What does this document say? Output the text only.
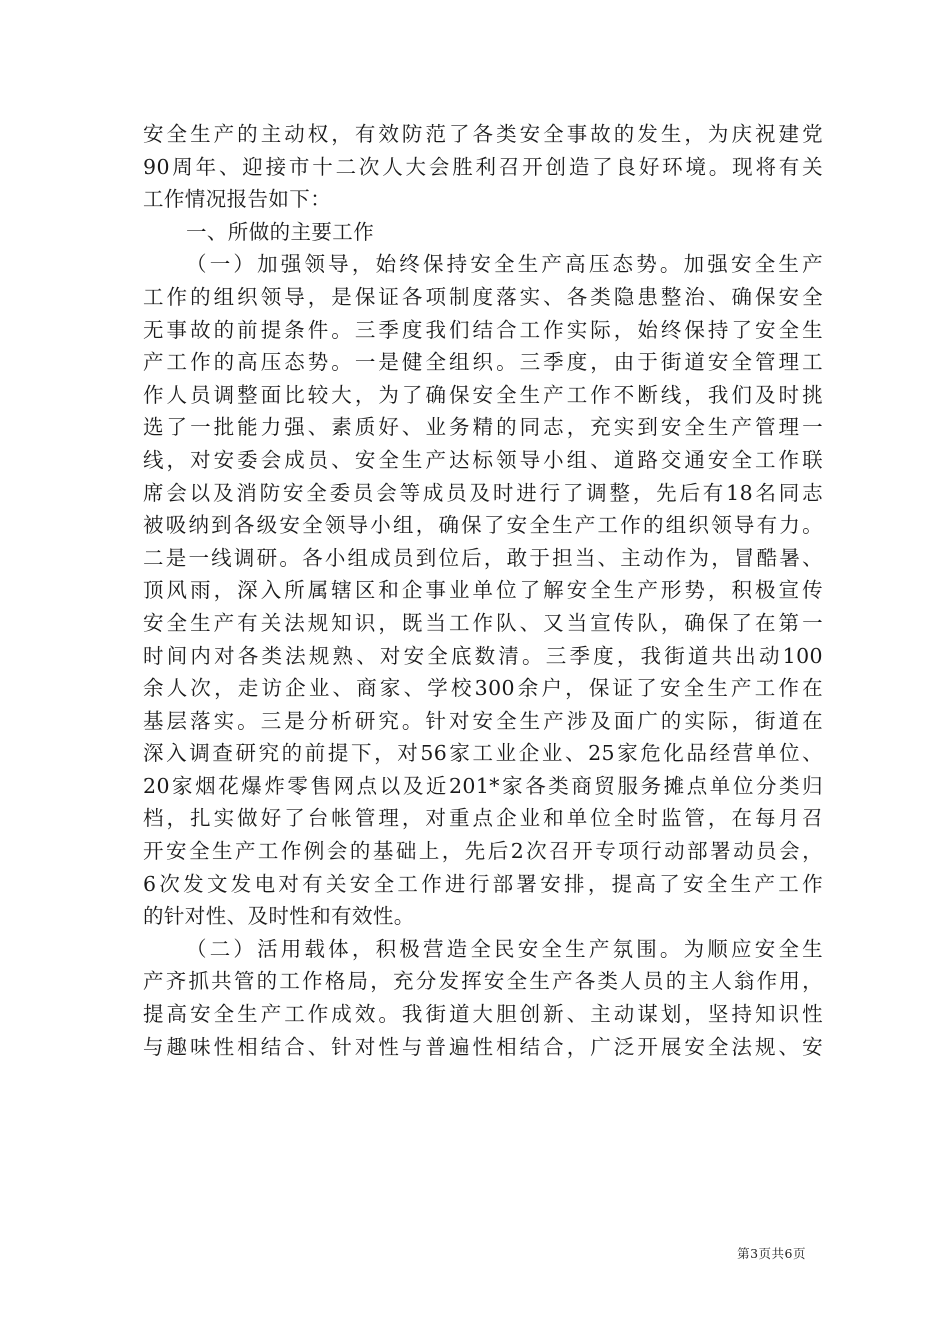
安全生产的主动权，有效防范了各类安全事故的发生，为庆祝建党
90周年、迎接市十二次人大会胜利召开创造了良好环境。现将有关
工作情况报告如下：
一、所做的主要工作
（一）加强领导，始终保持安全生产高压态势。加强安全生产
工作的组织领导，是保证各项制度落实、各类隐患整治、确保安全
无事故的前提条件。三季度我们结合工作实际，始终保持了安全生
产工作的高压态势。一是健全组织。三季度，由于街道安全管理工
作人员调整面比较大，为了确保安全生产工作不断线，我们及时挑
选了一批能力强、素质好、业务精的同志，充实到安全生产管理一
线，对安委会成员、安全生产达标领导小组、道路交通安全工作联
席会以及消防安全委员会等成员及时进行了调整，先后有18名同志
被吸纳到各级安全领导小组，确保了安全生产工作的组织领导有力。
二是一线调研。各小组成员到位后，敢于担当、主动作为，冒酷暑、
顶风雨，深入所属辖区和企事业单位了解安全生产形势，积极宣传
安全生产有关法规知识，既当工作队、又当宣传队，确保了在第一
时间内对各类法规熟、对安全底数清。三季度，我街道共出动100
余人次，走访企业、商家、学校300余户，保证了安全生产工作在
基层落实。三是分析研究。针对安全生产涉及面广的实际，街道在
深入调查研究的前提下，对56家工业企业、25家危化品经营单位、
20家烟花爆炸零售网点以及近201*家各类商贸服务摊点单位分类归
档，扎实做好了台帐管理，对重点企业和单位全时监管，在每月召
开安全生产工作例会的基础上，先后2次召开专项行动部署动员会，
6次发文发电对有关安全工作进行部署安排，提高了安全生产工作
的针对性、及时性和有效性。
（二）活用载体，积极营造全民安全生产氛围。为顺应安全生
产齐抓共管的工作格局，充分发挥安全生产各类人员的主人翁作用，
提高安全生产工作成效。我街道大胆创新、主动谋划，坚持知识性
与趣味性相结合、针对性与普遍性相结合，广泛开展安全法规、安
第3页共6页
